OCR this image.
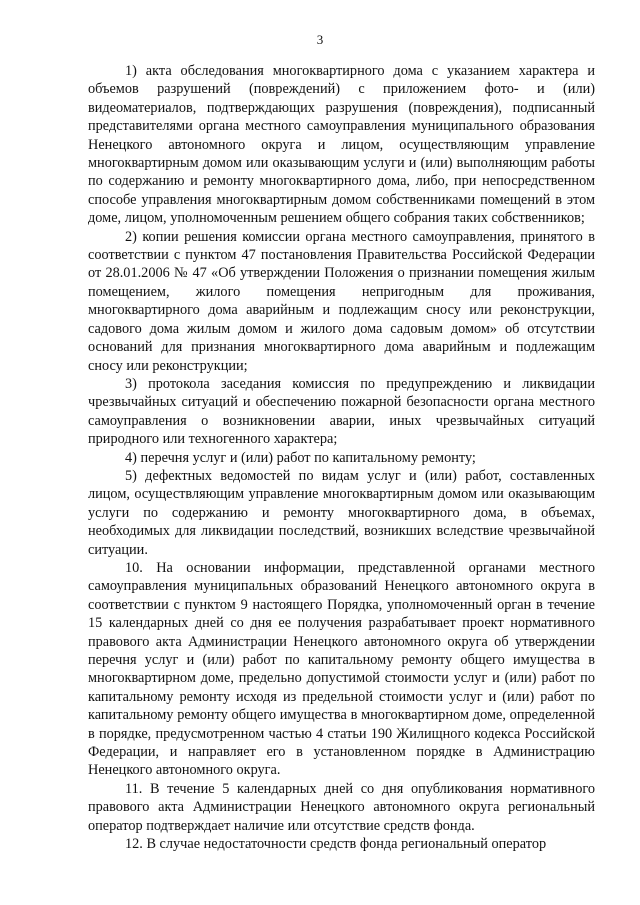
3

1) акта обследования многоквартирного дома с указанием характера и объемов разрушений (повреждений) с приложением фото- и (или) видеоматериалов, подтверждающих разрушения (повреждения), подписанный представителями органа местного самоуправления муниципального образования Ненецкого автономного округа и лицом, осуществляющим управление многоквартирным домом или оказывающим услуги и (или) выполняющим работы по содержанию и ремонту многоквартирного дома, либо, при непосредственном способе управления многоквартирным домом собственниками помещений в этом доме, лицом, уполномоченным решением общего собрания таких собственников;

2) копии решения комиссии органа местного самоуправления, принятого в соответствии с пунктом 47 постановления Правительства Российской Федерации от 28.01.2006 № 47 «Об утверждении Положения о признании помещения жилым помещением, жилого помещения непригодным для проживания, многоквартирного дома аварийным и подлежащим сносу или реконструкции, садового дома жилым домом и жилого дома садовым домом» об отсутствии оснований для признания многоквартирного дома аварийным и подлежащим сносу или реконструкции;

3) протокола заседания комиссия по предупреждению и ликвидации чрезвычайных ситуаций и обеспечению пожарной безопасности органа местного самоуправления о возникновении аварии, иных чрезвычайных ситуаций природного или техногенного характера;

4) перечня услуг и (или) работ по капитальному ремонту;

5) дефектных ведомостей по видам услуг и (или) работ, составленных лицом, осуществляющим управление многоквартирным домом или оказывающим услуги по содержанию и ремонту многоквартирного дома, в объемах, необходимых для ликвидации последствий, возникших вследствие чрезвычайной ситуации.

10. На основании информации, представленной органами местного самоуправления муниципальных образований Ненецкого автономного округа в соответствии с пунктом 9 настоящего Порядка, уполномоченный орган в течение 15 календарных дней со дня ее получения разрабатывает проект нормативного правового акта Администрации Ненецкого автономного округа об утверждении перечня услуг и (или) работ по капитальному ремонту общего имущества в многоквартирном доме, предельно допустимой стоимости услуг и (или) работ по капитальному ремонту исходя из предельной стоимости услуг и (или) работ по капитальному ремонту общего имущества в многоквартирном доме, определенной в порядке, предусмотренном частью 4 статьи 190 Жилищного кодекса Российской Федерации, и направляет его в установленном порядке в Администрацию Ненецкого автономного округа.

11. В течение 5 календарных дней со дня опубликования нормативного правового акта Администрации Ненецкого автономного округа региональный оператор подтверждает наличие или отсутствие средств фонда.

12. В случае недостаточности средств фонда региональный оператор
